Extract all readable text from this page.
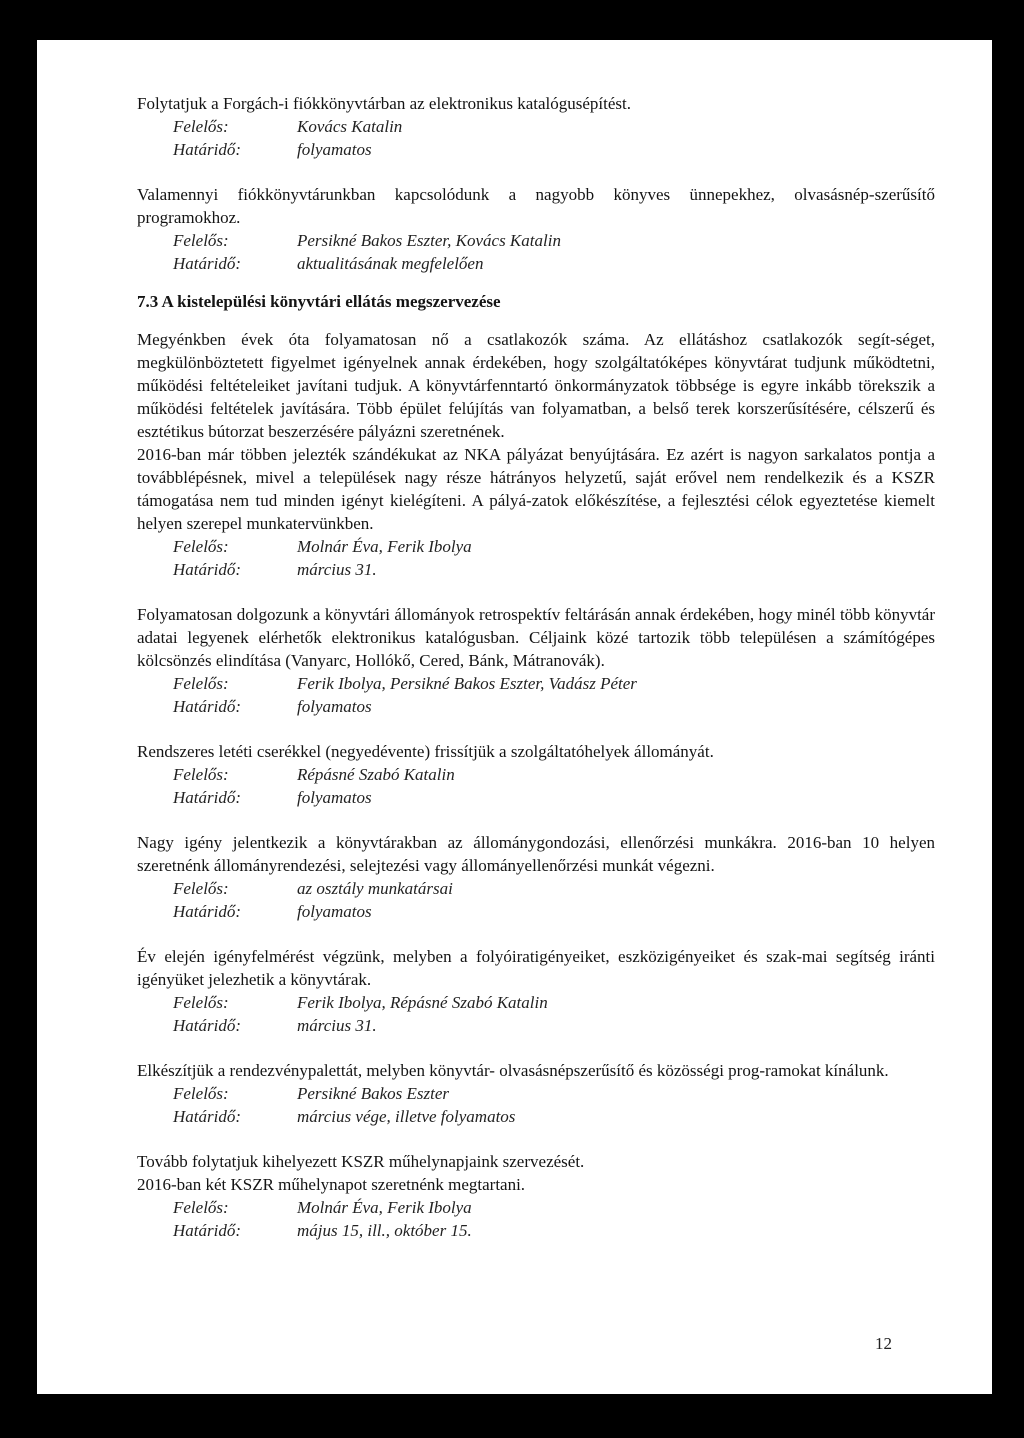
Folytatjuk a Forgách-i fiókkönyvtárban az elektronikus katalógusépítést.

Felelős:	Kovács Katalin
Határidő:	folyamatos

Valamennyi fiókkönyvtárunkban kapcsolódunk a nagyobb könyves ünnepekhez, olvasásnép-szerűsítő programokhoz.

Felelős:	Persikné Bakos Eszter, Kovács Katalin
Határidő:	aktualitásának megfelelően
7.3 A kistelepülési könyvtári ellátás megszervezése

Megyénkben évek óta folyamatosan nő a csatlakozók száma. Az ellátáshoz csatlakozók segít-séget, megkülönböztetett figyelmet igényelnek annak érdekében, hogy szolgáltatóképes könyvtárat tudjunk működtetni, működési feltételeiket javítani tudjuk. A könyvtárfenntartó önkormányzatok többsége is egyre inkább törekszik a működési feltételek javítására. Több épület felújítás van folyamatban, a belső terek korszerűsítésére, célszerű és esztétikus bútorzat beszerzésére pályázni szeretnének.

2016-ban már többen jelezték szándékukat az NKA pályázat benyújtására. Ez azért is nagyon sarkalatos pontja a továbblépésnek, mivel a települések nagy része hátrányos helyzetű, saját erővel nem rendelkezik és a KSZR támogatása nem tud minden igényt kielégíteni. A pályá-zatok előkészítése, a fejlesztési célok egyeztetése kiemelt helyen szerepel munkatervünkben.

Felelős:	Molnár Éva, Ferik Ibolya
Határidő:	március 31.

Folyamatosan dolgozunk a könyvtári állományok retrospektív feltárásán annak érdekében, hogy minél több könyvtár adatai legyenek elérhetők elektronikus katalógusban. Céljaink közé tartozik több településen a számítógépes kölcsönzés elindítása (Vanyarc, Hollókő, Cered, Bánk, Mátranovák).

Felelős:	Ferik Ibolya, Persikné Bakos Eszter, Vadász Péter
Határidő:	folyamatos

Rendszeres letéti cserékkel (negyedévente) frissítjük a szolgáltatóhelyek állományát.

Felelős:	Répásné Szabó Katalin
Határidő:	folyamatos

Nagy igény jelentkezik a könyvtárakban az állománygondozási, ellenőrzési munkákra. 2016-ban 10 helyen szeretnénk állományrendezési, selejtezési vagy állományellenőrzési munkát végezni.

Felelős:	az osztály munkatársai
Határidő:	folyamatos

Év elején igényfelmérést végzünk, melyben a folyóiratigényeiket, eszközigényeiket és szak-mai segítség iránti igényüket jelezhetik a könyvtárak.

Felelős:	Ferik Ibolya, Répásné Szabó Katalin
Határidő:	március 31.

Elkészítjük a rendezvénypalettát, melyben könyvtár- olvasásnépszerűsítő és közösségi prog-ramokat kínálunk.

Felelős:	Persikné Bakos Eszter
Határidő:	március vége, illetve folyamatos

Tovább folytatjuk kihelyezett KSZR műhelynapjaink szervezését.

2016-ban két KSZR műhelynapot szeretnénk megtartani.

Felelős:	Molnár Éva, Ferik Ibolya
Határidő:	május 15, ill., október 15.
12
